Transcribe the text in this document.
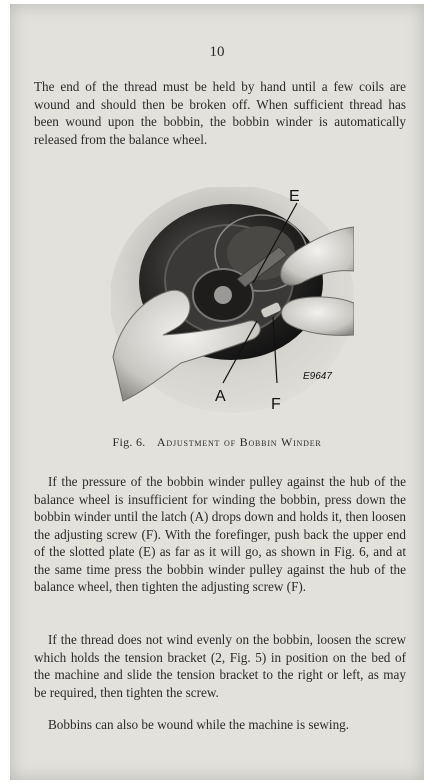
10

The end of the thread must be held by hand until a few coils are wound and should then be broken off. When sufficient thread has been wound upon the bobbin, the bobbin winder is automatically released from the balance wheel.

E
A	F
E9647
Fig. 6. Adjustment of Bobbin Winder

If the pressure of the bobbin winder pulley against the hub of the balance wheel is insufficient for winding the bobbin, press down the bobbin winder until the latch (A) drops down and holds it, then loosen the adjusting screw (F). With the forefinger, push back the upper end of the slotted plate (E) as far as it will go, as shown in Fig. 6, and at the same time press the bobbin winder pulley against the hub of the balance wheel, then tighten the adjusting screw (F).

If the thread does not wind evenly on the bobbin, loosen the screw which holds the tension bracket (2, Fig. 5) in position on the bed of the machine and slide the tension bracket to the right or left, as may be required, then tighten the screw.

Bobbins can also be wound while the machine is sewing.
